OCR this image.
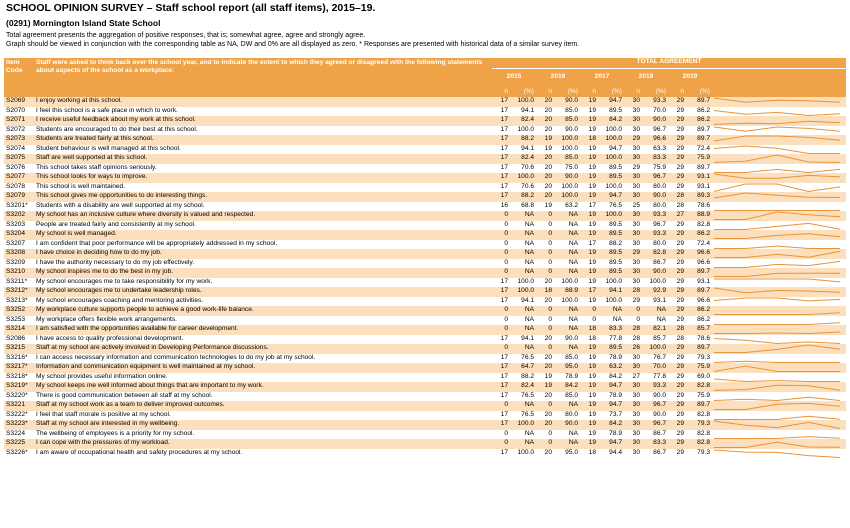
SCHOOL OPINION SURVEY – Staff school report (all staff items), 2015–19.
(0291) Mornington Island State School
Total agreement presents the aggregation of positive responses, that is; somewhat agree, agree and strongly agree.
Graph should be viewed in conjunction with the corresponding table as NA, DW and 0% are all displayed as zero. * Responses are presented with historical data of a similar survey item.
Item Code	Staff were asked to think back over the school year, and to indicate the extent to which they agreed or disagreed with the following statements about aspects of the school as a workplace:	TOTAL AGREEMENT										
		2015		2016		2017		2018		2019		
		n	(%)	n	(%)	n	(%)	n	(%)	n	(%)	
S2069	I enjoy working at this school.	17	100.0	20	90.0	19	94.7	30	93.3	29	89.7	

S2070	I feel this school is a safe place in which to work.	17	94.1	20	85.0	19	89.5	30	70.0	29	86.2	

S2071	I receive useful feedback about my work at this school.	17	82.4	20	85.0	19	84.2	30	90.0	29	86.2	

S2072	Students are encouraged to do their best at this school.	17	100.0	20	90.0	19	100.0	30	96.7	29	89.7	

S2073	Students are treated fairly at this school.	17	88.2	19	100.0	18	100.0	29	96.6	29	89.7	

S2074	Student behaviour is well managed at this school.	17	94.1	19	100.0	19	94.7	30	63.3	29	72.4	

S2075	Staff are well supported at this school.	17	82.4	20	85.0	19	100.0	30	83.3	29	75.9	

S2076	This school takes staff opinions seriously.	17	70.6	20	75.0	19	89.5	29	75.9	29	89.7	

S2077	This school looks for ways to improve.	17	100.0	20	90.0	19	89.5	30	96.7	29	93.1	

S2078	This school is well maintained.	17	70.6	20	100.0	19	100.0	30	80.0	29	93.1	

S2079	This school gives me opportunities to do interesting things.	17	88.2	20	100.0	19	94.7	30	90.0	28	89.3	

S3201*	Students with a disability are well supported at my school.	16	68.8	19	63.2	17	76.5	25	80.0	28	78.6	

S3202	My school has an inclusive culture where diversity is valued and respected.	0	NA	0	NA	19	100.0	30	93.3	27	88.9	

S3203	People are treated fairly and consistently at my school.	0	NA	0	NA	19	89.5	30	96.7	29	82.8	

S3204	My school is well managed.	0	NA	0	NA	19	89.5	30	93.3	29	86.2	

S3207	I am confident that poor performance will be appropriately addressed in my school.	0	NA	0	NA	17	88.2	30	80.0	29	72.4	

S3208	I have choice in deciding how to do my job.	0	NA	0	NA	19	89.5	29	82.8	29	96.6	

S3209	I have the authority necessary to do my job effectively.	0	NA	0	NA	19	89.5	30	86.7	29	96.6	

S3210	My school inspires me to do the best in my job.	0	NA	0	NA	19	89.5	30	90.0	29	89.7	

S3211*	My school encourages me to take responsibility for my work.	17	100.0	20	100.0	19	100.0	30	100.0	29	93.1	

S3212*	My school encourages me to undertake leadership roles.	17	100.0	18	88.9	17	94.1	28	92.9	29	89.7	

S3213*	My school encourages coaching and mentoring activities.	17	94.1	20	100.0	19	100.0	29	93.1	29	96.6	

S3252	My workplace culture supports people to achieve a good work-life balance.	0	NA	0	NA	0	NA	0	NA	29	86.2	

S3253	My workplace offers flexible work arrangements.	0	NA	0	NA	0	NA	0	NA	29	86.2	

S3214	I am satisfied with the opportunities available for career development.	0	NA	0	NA	18	83.3	28	82.1	28	85.7	

S2086	I have access to quality professional development.	17	94.1	20	90.0	18	77.8	28	85.7	28	78.6	

S3215	Staff at my school are actively involved in Developing Performance discussions.	0	NA	0	NA	19	89.5	26	100.0	29	89.7	

S3216*	I can access necessary information and communication technologies to do my job at my school.	17	76.5	20	85.0	19	78.9	30	76.7	29	79.3	

S3217*	Information and communication equipment is well maintained at my school.	17	64.7	20	95.0	19	63.2	30	70.0	29	75.9	

S3218*	My school provides useful information online.	17	88.2	19	78.9	19	84.2	27	77.8	29	69.0	

S3219*	My school keeps me well informed about things that are important to my work.	17	82.4	19	84.2	19	94.7	30	93.3	29	82.8	

S3220*	There is good communication between all staff at my school.	17	76.5	20	85.0	19	78.9	30	90.0	29	75.9	

S3221	Staff at my school work as a team to deliver improved outcomes.	0	NA	0	NA	19	94.7	30	96.7	29	89.7	

S3222*	I feel that staff morale is positive at my school.	17	76.5	20	80.0	19	73.7	30	90.0	29	82.8	

S3223*	Staff at my school are interested in my wellbeing.	17	100.0	20	90.0	19	84.2	30	96.7	29	79.3	

S3224	The wellbeing of employees is a priority for my school.	0	NA	0	NA	19	78.9	30	86.7	29	82.8	

S3225	I can cope with the pressures of my workload.	0	NA	0	NA	19	94.7	30	83.3	29	82.8	

S3226*	I am aware of occupational health and safety procedures at my school.	17	100.0	20	95.0	18	94.4	30	86.7	29	79.3	
